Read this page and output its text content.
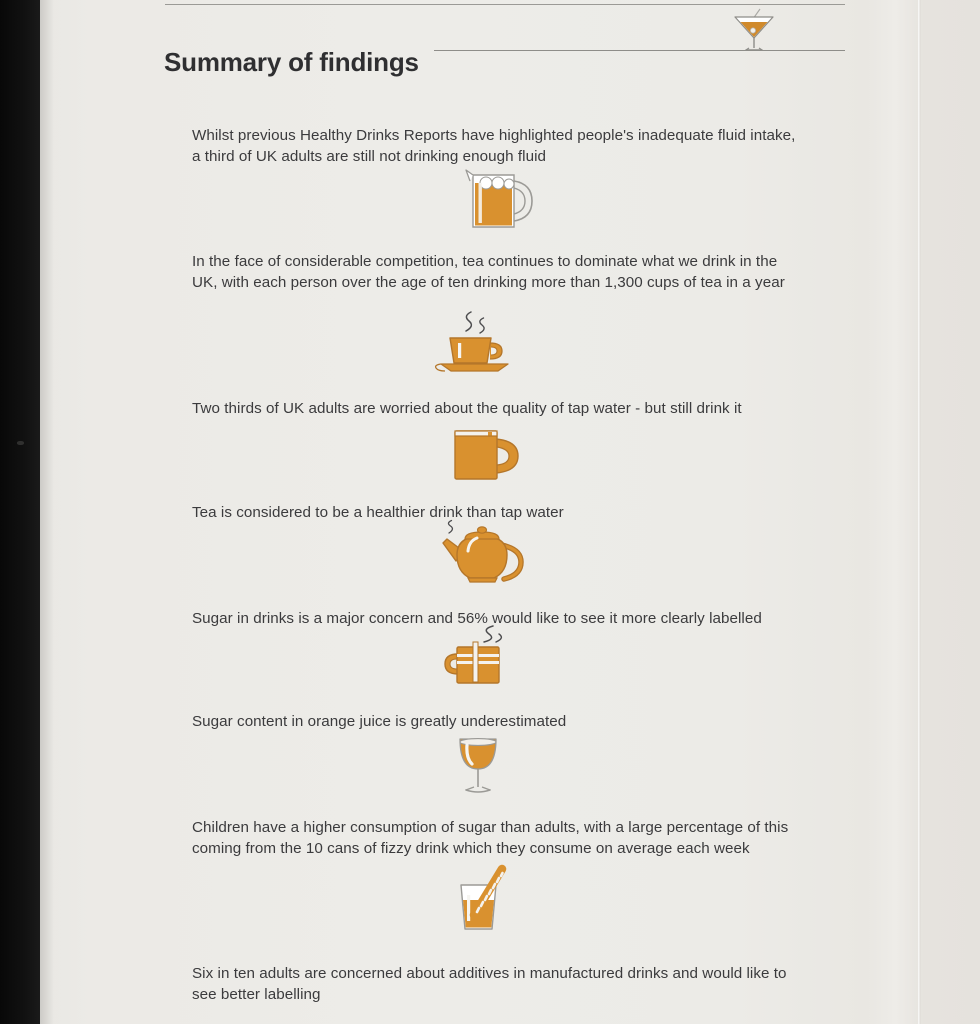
Summary of findings

Whilst previous Healthy Drinks Reports have highlighted people's inadequate fluid intake, a third of UK adults are still not drinking enough fluid

In the face of considerable competition, tea continues to dominate what we drink in the UK, with each person over the age of ten drinking more than 1,300 cups of tea in a year

Two thirds of UK adults are worried about the quality of tap water - but still drink it

Tea is considered to be a healthier drink than tap water

Sugar in drinks is a major concern and 56% would like to see it more clearly labelled

Sugar content in orange juice is greatly underestimated

Children have a higher consumption of sugar than adults, with a large percentage of this coming from the 10 cans of fizzy drink which they consume on average each week

Six in ten adults are concerned about additives in manufactured drinks and would like to see better labelling
